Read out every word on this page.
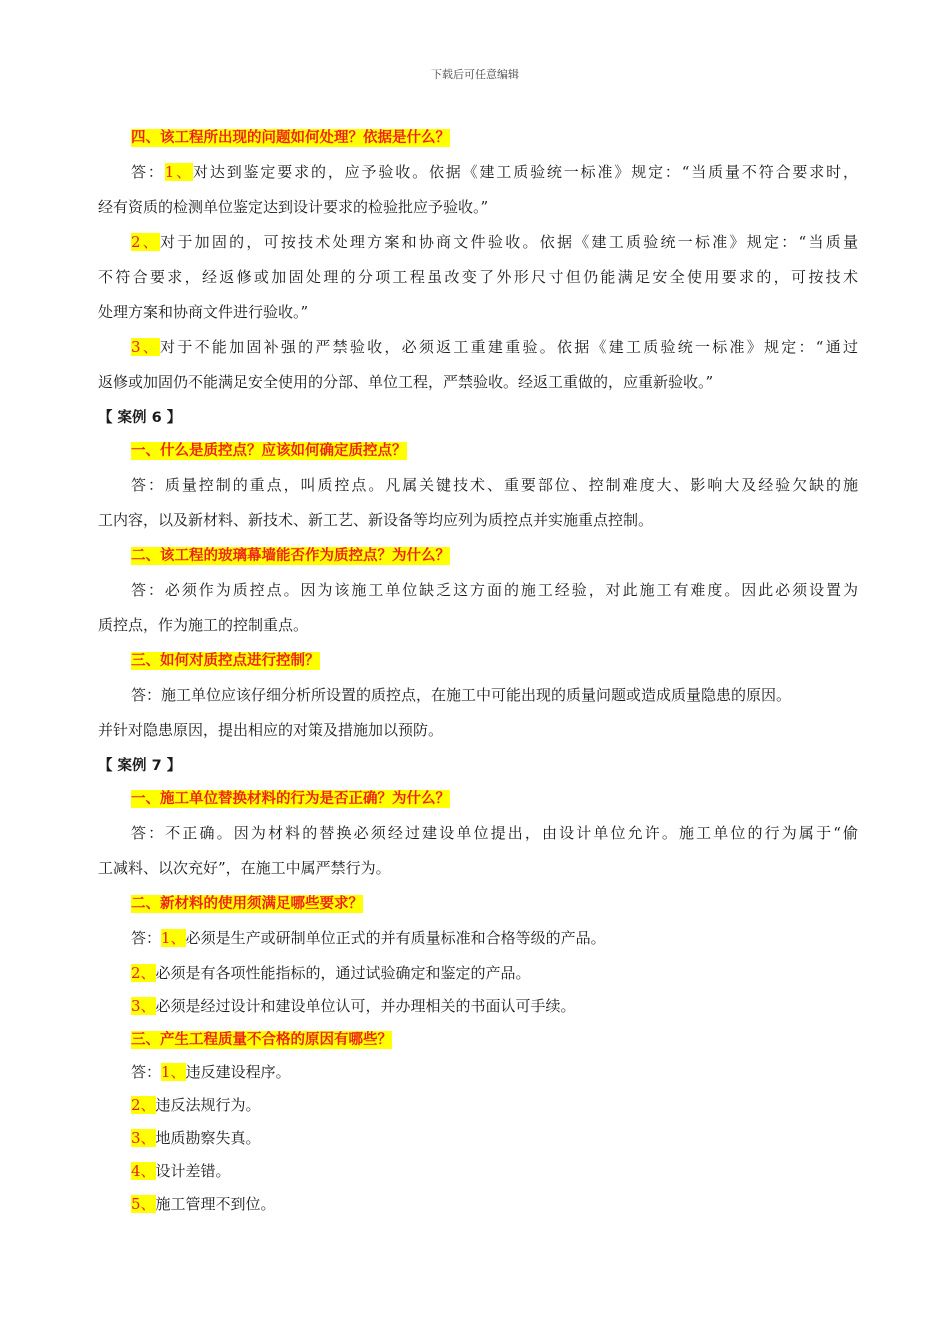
下载后可任意编辑
四、该工程所出现的问题如何处理？依据是什么？
答：1、对达到鉴定要求的，应予验收。依据《建工质验统一标准》规定：“当质量不符合要求时，
经有资质的检测单位鉴定达到设计要求的检验批应予验收。”
2、对于加固的，可按技术处理方案和协商文件验收。依据《建工质验统一标准》规定：“当质量
不符合要求，经返修或加固处理的分项工程虽改变了外形尺寸但仍能满足安全使用要求的，可按技术
处理方案和协商文件进行验收。”
3、对于不能加固补强的严禁验收，必须返工重建重验。依据《建工质验统一标准》规定：“通过
返修或加固仍不能满足安全使用的分部、单位工程，严禁验收。经返工重做的，应重新验收。”
【 案例 6 】
一、什么是质控点？应该如何确定质控点？
答：质量控制的重点，叫质控点。凡属关键技术、重要部位、控制难度大、影响大及经验欠缺的施
工内容，以及新材料、新技术、新工艺、新设备等均应列为质控点并实施重点控制。
二、该工程的玻璃幕墙能否作为质控点？为什么？
答：必须作为质控点。因为该施工单位缺乏这方面的施工经验，对此施工有难度。因此必须设置为
质控点，作为施工的控制重点。
三、如何对质控点进行控制？
答：施工单位应该仔细分析所设置的质控点，在施工中可能出现的质量问题或造成质量隐患的原因。
并针对隐患原因，提出相应的对策及措施加以预防。
【 案例 7 】
一、施工单位替换材料的行为是否正确？为什么？
答：不正确。因为材料的替换必须经过建设单位提出，由设计单位允许。施工单位的行为属于“偷
工减料、以次充好”，在施工中属严禁行为。
二、新材料的使用须满足哪些要求？
答：1、必须是生产或研制单位正式的并有质量标准和合格等级的产品。
2、必须是有各项性能指标的，通过试验确定和鉴定的产品。
3、必须是经过设计和建设单位认可，并办理相关的书面认可手续。
三、产生工程质量不合格的原因有哪些？
答：1、违反建设程序。
2、违反法规行为。
3、地质勘察失真。
4、设计差错。
5、施工管理不到位。
